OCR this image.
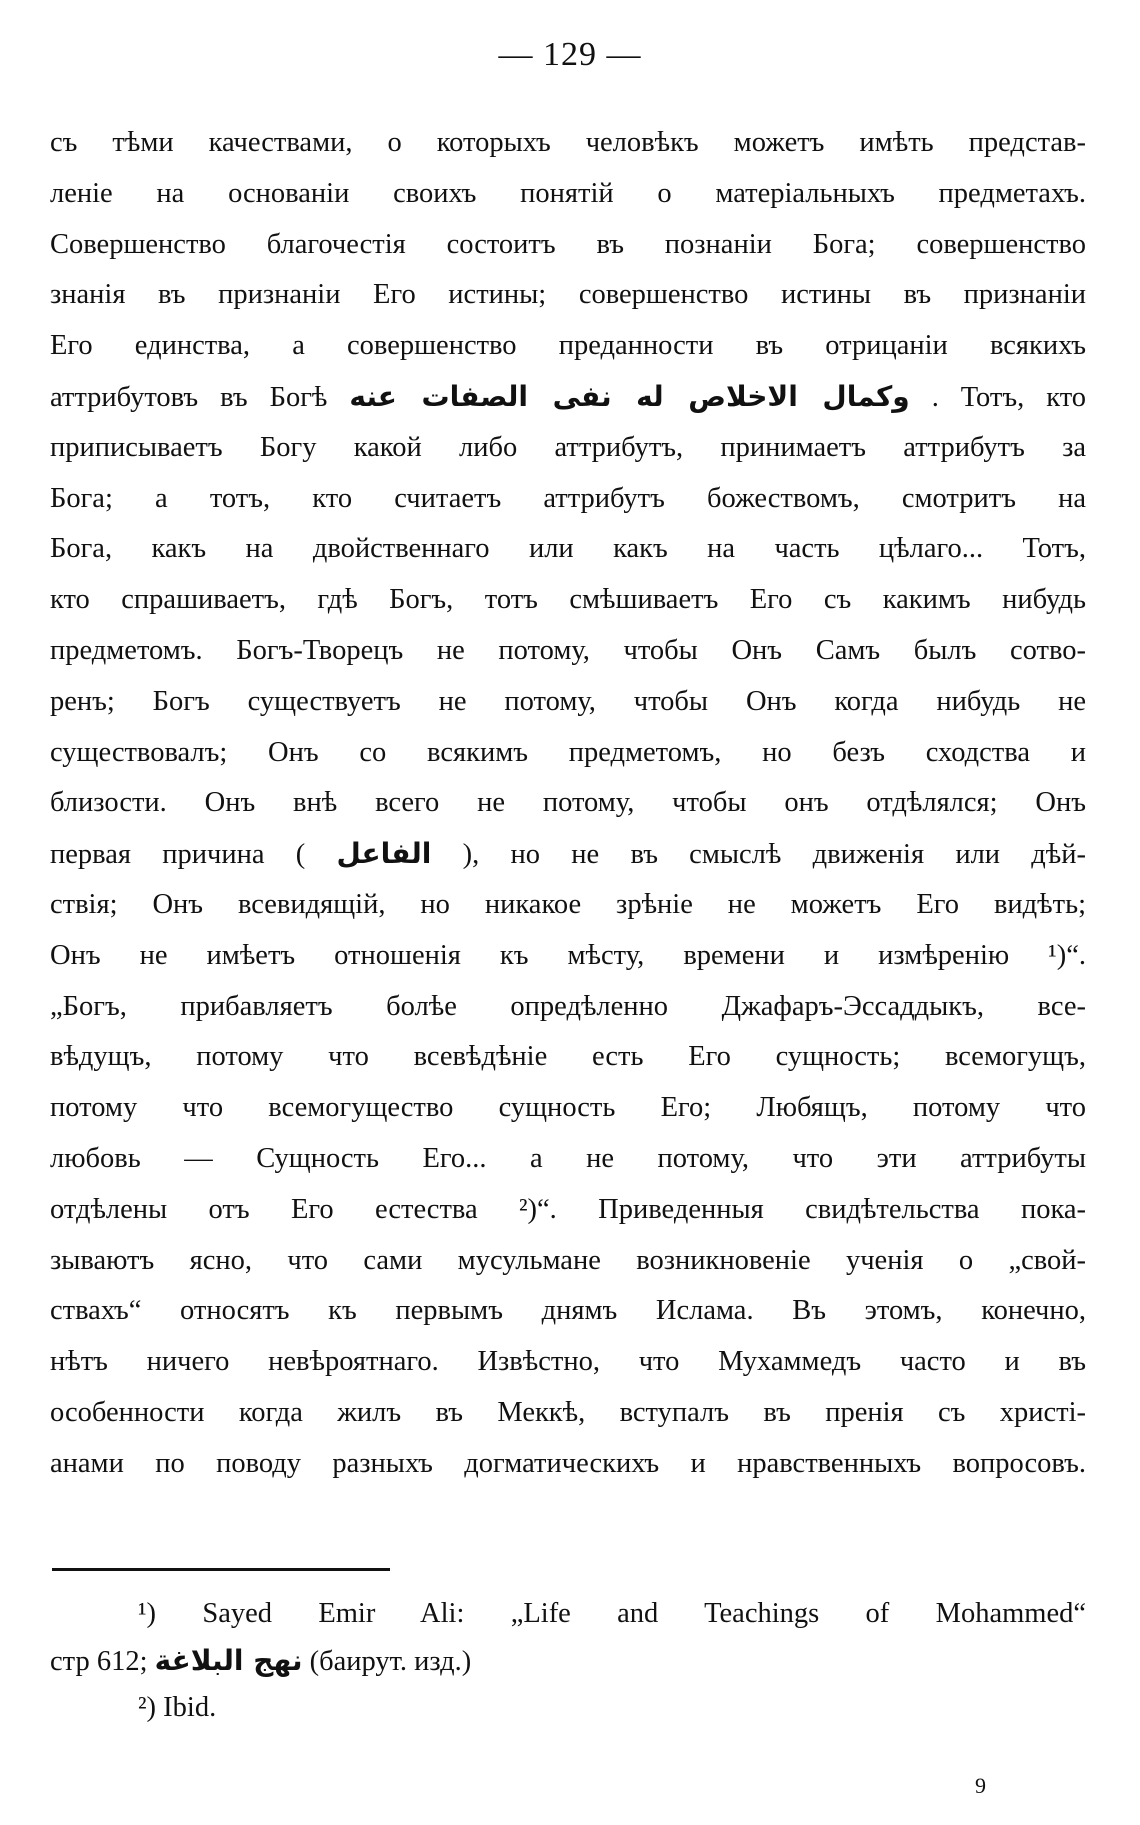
— 129 —
съ тѣми качествами, о которыхъ человѣкъ можетъ имѣть представ-
леніе на основаніи своихъ понятій о матеріальныхъ предметахъ.
Совершенство благочестія состоитъ въ познаніи Бога; совершенство
знанія въ признаніи Его истины; совершенство истины въ признаніи
Его единства, а совершенство преданности въ отрицаніи всякихъ
аттрибутовъ въ Богѣ وكمال الاخلاص له نفى الصفات عنه . Тотъ, кто
приписываетъ Богу какой либо аттрибутъ, принимаетъ аттрибутъ за
Бога; а тотъ, кто считаетъ аттрибутъ божествомъ, смотритъ на
Бога, какъ на двойственнаго или какъ на часть цѣлаго... Тотъ,
кто спрашиваетъ, гдѣ Богъ, тотъ смѣшиваетъ Его съ какимъ нибудь
предметомъ. Богъ-Творецъ не потому, чтобы Онъ Самъ былъ сотво-
ренъ; Богъ существуетъ не потому, чтобы Онъ когда нибудь не
существовалъ; Онъ со всякимъ предметомъ, но безъ сходства и
близости. Онъ внѣ всего не потому, чтобы онъ отдѣлялся; Онъ
первая причина ( الفاعل ), но не въ смыслѣ движенія или дѣй-
ствія; Онъ всевидящій, но никакое зрѣніе не можетъ Его видѣть;
Онъ не имѣетъ отношенія къ мѣсту, времени и измѣренію ¹)“.
„Богъ, прибавляетъ болѣе опредѣленно Джафаръ-Эссаддыкъ, все-
вѣдущъ, потому что всевѣдѣніе есть Его сущность; всемогущъ,
потому что всемогущество сущность Его; Любящъ, потому что
любовь — Сущность Его... а не потому, что эти аттрибуты
отдѣлены отъ Его естества ²)“. Приведенныя свидѣтельства пока-
зываютъ ясно, что сами мусульмане возникновеніе ученія о „свой-
ствахъ“ относятъ къ первымъ днямъ Ислама. Въ этомъ, конечно,
нѣтъ ничего невѣроятнаго. Извѣстно, что Мухаммедъ часто и въ
особенности когда жилъ въ Меккѣ, вступалъ въ пренія съ христі-
анами по поводу разныхъ догматическихъ и нравственныхъ вопросовъ.
¹) Sayed Emir Ali: „Life and Teachings of Mohammed“
стр 612; نهج البلاغة (баирут. изд.)
²) Ibid.
9
